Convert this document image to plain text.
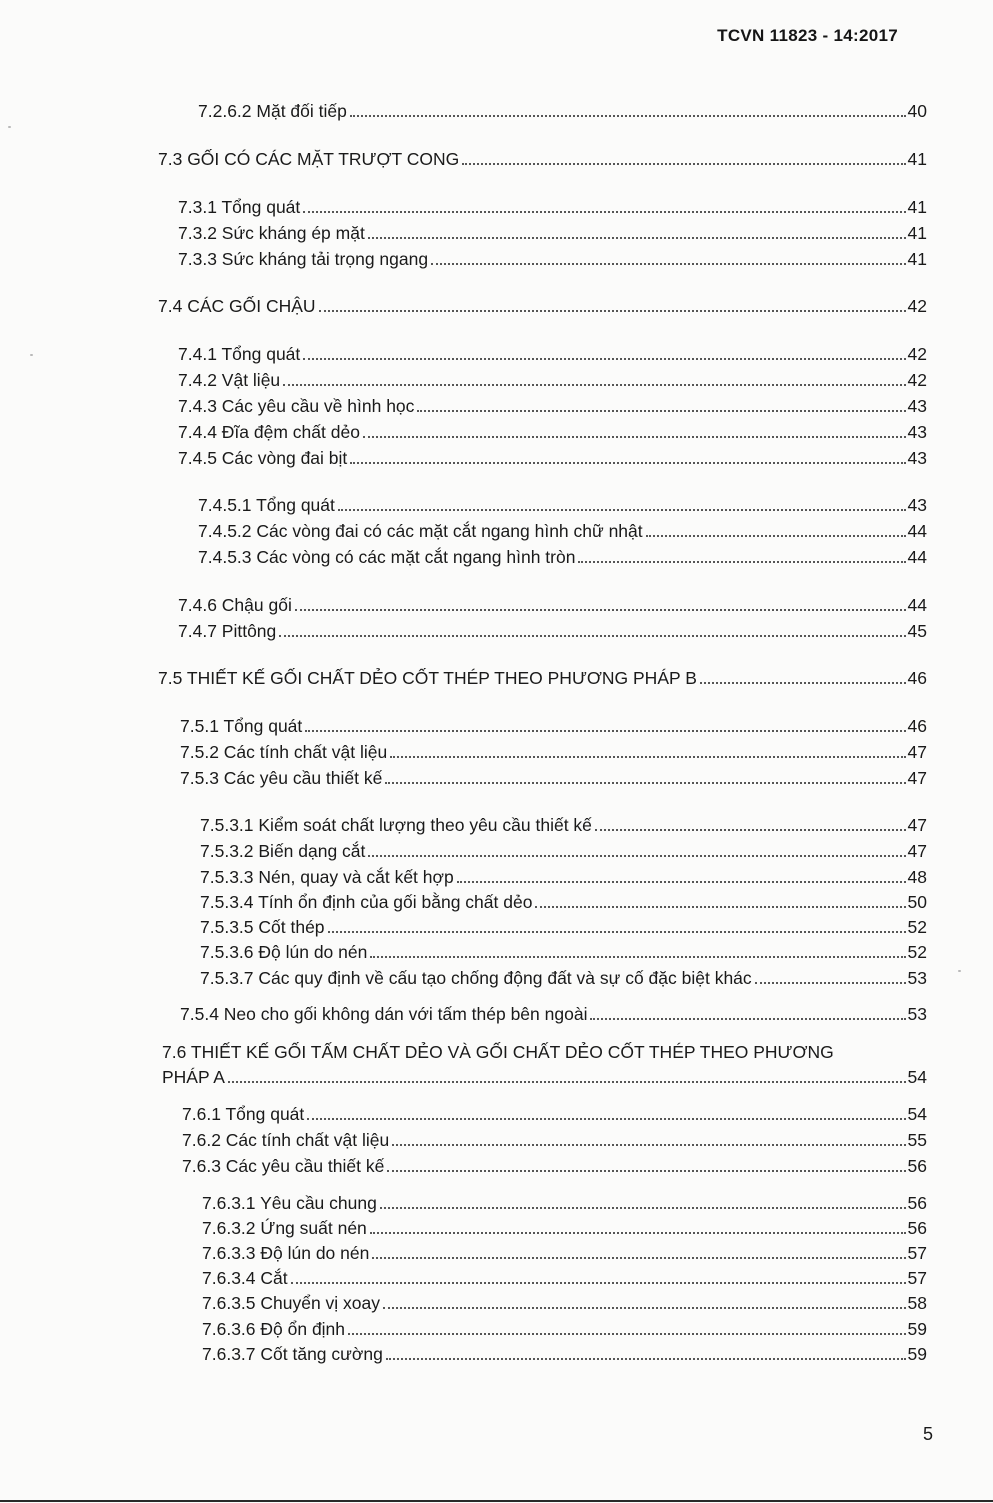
TCVN 11823 - 14:2017
7.2.6.2 Mặt đối tiếp	40
7.3 GỐI CÓ CÁC MẶT TRƯỢT CONG	41
7.3.1 Tổng quát	41
7.3.2 Sức kháng ép mặt	41
7.3.3 Sức kháng tải trọng ngang	41
7.4 CÁC GỐI CHẬU	42
7.4.1 Tổng quát	42
7.4.2 Vật liệu	42
7.4.3 Các yêu cầu về hình học	43
7.4.4 Đĩa đệm chất dẻo	43
7.4.5 Các vòng đai bịt	43
7.4.5.1 Tổng quát	43
7.4.5.2 Các vòng đai có các mặt cắt ngang hình chữ nhật	44
7.4.5.3 Các vòng có các mặt cắt ngang hình tròn	44
7.4.6 Chậu gối	44
7.4.7 Pittông	45
7.5 THIẾT KẾ GỐI CHẤT DẺO CỐT THÉP THEO PHƯƠNG PHÁP B	46
7.5.1 Tổng quát	46
7.5.2 Các tính chất vật liệu	47
7.5.3 Các yêu cầu thiết kế	47
7.5.3.1 Kiểm soát chất lượng theo yêu cầu thiết kế	47
7.5.3.2 Biến dạng cắt	47
7.5.3.3 Nén, quay và cắt kết hợp	48
7.5.3.4 Tính ổn định của gối bằng chất dẻo	50
7.5.3.5 Cốt thép	52
7.5.3.6 Độ lún do nén	52
7.5.3.7 Các quy định về cấu tạo chống động đất và sự cố đặc biệt khác	53
7.5.4 Neo cho gối không dán với tấm thép bên ngoài	53
7.6 THIẾT KẾ GỐI TẤM CHẤT DẺO VÀ GỐI CHẤT DẺO CỐT THÉP THEO PHƯƠNG
PHÁP A	54
7.6.1 Tổng quát	54
7.6.2 Các tính chất vật liệu	55
7.6.3 Các yêu cầu thiết kế	56
7.6.3.1 Yêu cầu chung	56
7.6.3.2 Ứng suất nén	56
7.6.3.3 Độ lún do nén	57
7.6.3.4 Cắt	57
7.6.3.5 Chuyển vị xoay	58
7.6.3.6 Độ ổn định	59
7.6.3.7 Cốt tăng cường	59
5
